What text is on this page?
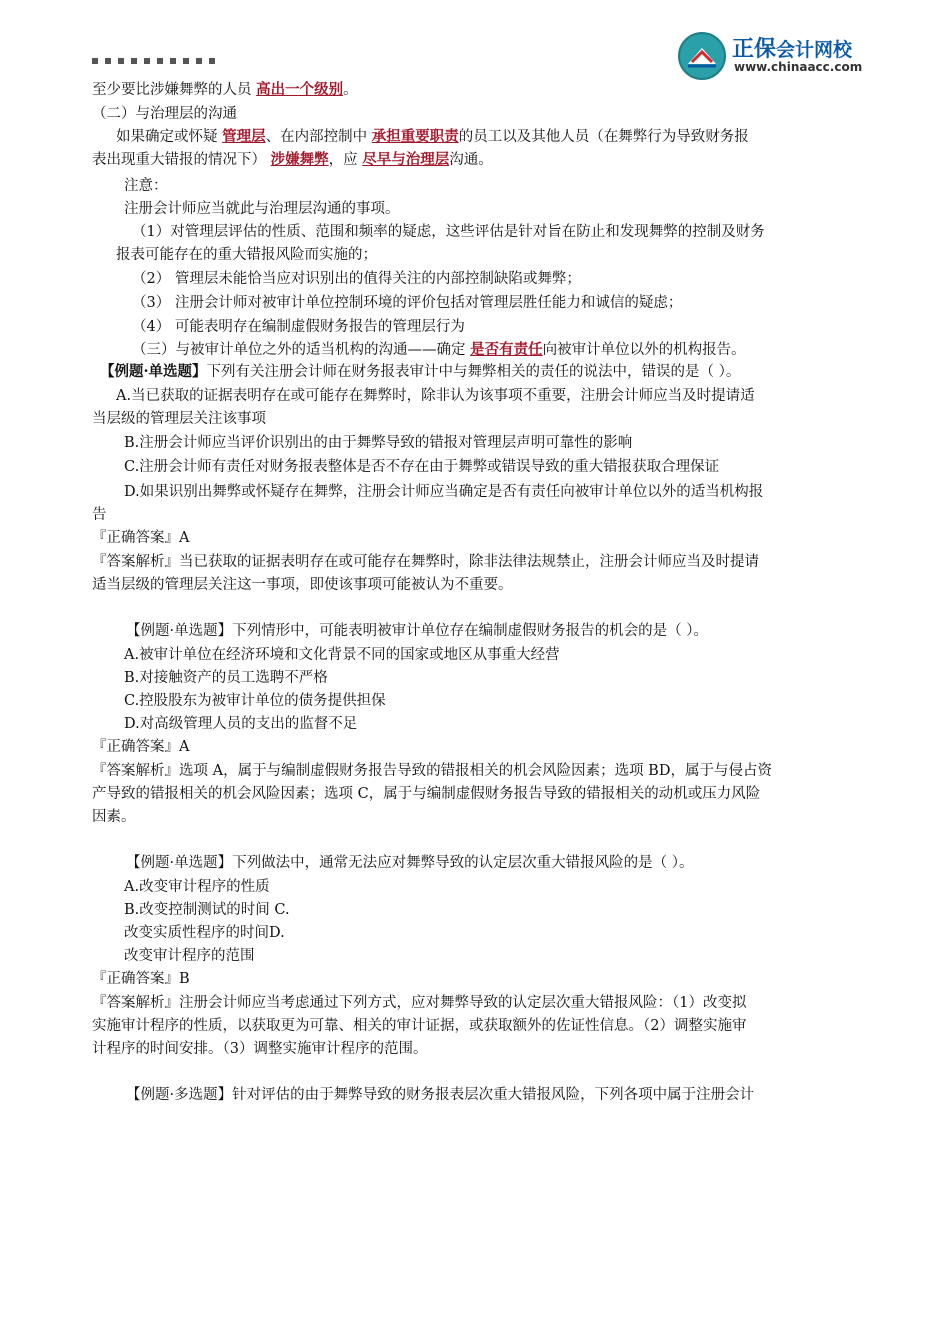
正保会计网校
www.chinaacc.com
至少要比涉嫌舞弊的人员 高出一个级别。
（二）与治理层的沟通
如果确定或怀疑 管理层、在内部控制中 承担重要职责的员工以及其他人员（在舞弊行为导致财务报
表出现重大错报的情况下） 涉嫌舞弊，应 尽早与治理层沟通。
注意：
注册会计师应当就此与治理层沟通的事项。
（1）对管理层评估的性质、范围和频率的疑虑，这些评估是针对旨在防止和发现舞弊的控制及财务
报表可能存在的重大错报风险而实施的；
（2） 管理层未能恰当应对识别出的值得关注的内部控制缺陷或舞弊；
（3） 注册会计师对被审计单位控制环境的评价包括对管理层胜任能力和诚信的疑虑；
（4） 可能表明存在编制虚假财务报告的管理层行为
（三）与被审计单位之外的适当机构的沟通——确定 是否有责任向被审计单位以外的机构报告。
【例题·单选题】下列有关注册会计师在财务报表审计中与舞弊相关的责任的说法中，错误的是（ ）。
A.当已获取的证据表明存在或可能存在舞弊时，除非认为该事项不重要，注册会计师应当及时提请适
当层级的管理层关注该事项
B.注册会计师应当评价识别出的由于舞弊导致的错报对管理层声明可靠性的影响
C.注册会计师有责任对财务报表整体是否不存在由于舞弊或错误导致的重大错报获取合理保证
D.如果识别出舞弊或怀疑存在舞弊，注册会计师应当确定是否有责任向被审计单位以外的适当机构报
告
『正确答案』A
『答案解析』当已获取的证据表明存在或可能存在舞弊时，除非法律法规禁止，注册会计师应当及时提请
适当层级的管理层关注这一事项，即使该事项可能被认为不重要。
【例题·单选题】下列情形中，可能表明被审计单位存在编制虚假财务报告的机会的是（ ）。
A.被审计单位在经济环境和文化背景不同的国家或地区从事重大经营
B.对接触资产的员工选聘不严格
C.控股股东为被审计单位的债务提供担保
D.对高级管理人员的支出的监督不足
『正确答案』A
『答案解析』选项 A，属于与编制虚假财务报告导致的错报相关的机会风险因素；选项 BD，属于与侵占资
产导致的错报相关的机会风险因素；选项 C，属于与编制虚假财务报告导致的错报相关的动机或压力风险
因素。
【例题·单选题】下列做法中，通常无法应对舞弊导致的认定层次重大错报风险的是（ ）。
A.改变审计程序的性质
B.改变控制测试的时间 C.
改变实质性程序的时间D.
改变审计程序的范围
『正确答案』B
『答案解析』注册会计师应当考虑通过下列方式，应对舞弊导致的认定层次重大错报风险：（1）改变拟
实施审计程序的性质，以获取更为可靠、相关的审计证据，或获取额外的佐证性信息。（2）调整实施审
计程序的时间安排。（3）调整实施审计程序的范围。
【例题·多选题】针对评估的由于舞弊导致的财务报表层次重大错报风险，下列各项中属于注册会计
